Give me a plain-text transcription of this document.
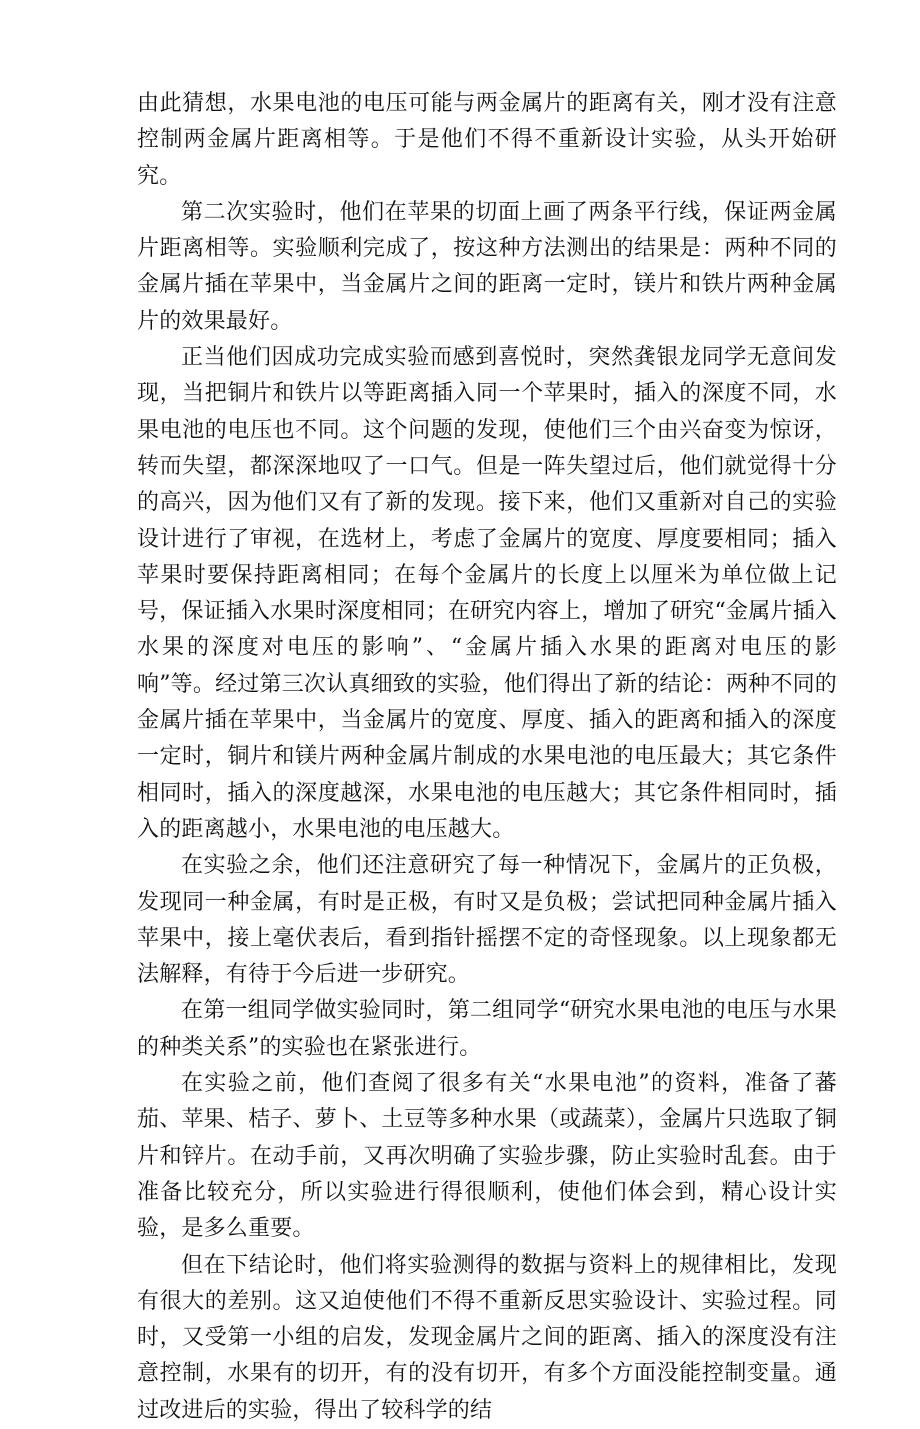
由此猜想，水果电池的电压可能与两金属片的距离有关，刚才没有注意控制两金属片距离相等。于是他们不得不重新设计实验，从头开始研究。

第二次实验时，他们在苹果的切面上画了两条平行线，保证两金属片距离相等。实验顺利完成了，按这种方法测出的结果是：两种不同的金属片插在苹果中，当金属片之间的距离一定时，镁片和铁片两种金属片的效果最好。

正当他们因成功完成实验而感到喜悦时，突然龚银龙同学无意间发现，当把铜片和铁片以等距离插入同一个苹果时，插入的深度不同，水果电池的电压也不同。这个问题的发现，使他们三个由兴奋变为惊讶，转而失望，都深深地叹了一口气。但是一阵失望过后，他们就觉得十分的高兴，因为他们又有了新的发现。接下来，他们又重新对自己的实验设计进行了审视，在选材上，考虑了金属片的宽度、厚度要相同；插入苹果时要保持距离相同；在每个金属片的长度上以厘米为单位做上记号，保证插入水果时深度相同；在研究内容上，增加了研究“金属片插入水果的深度对电压的影响”、“金属片插入水果的距离对电压的影响”等。经过第三次认真细致的实验，他们得出了新的结论：两种不同的金属片插在苹果中，当金属片的宽度、厚度、插入的距离和插入的深度一定时，铜片和镁片两种金属片制成的水果电池的电压最大；其它条件相同时，插入的深度越深，水果电池的电压越大；其它条件相同时，插入的距离越小，水果电池的电压越大。

在实验之余，他们还注意研究了每一种情况下，金属片的正负极，发现同一种金属，有时是正极，有时又是负极；尝试把同种金属片插入苹果中，接上毫伏表后，看到指针摇摆不定的奇怪现象。以上现象都无法解释，有待于今后进一步研究。

在第一组同学做实验同时，第二组同学“研究水果电池的电压与水果的种类关系”的实验也在紧张进行。

在实验之前，他们查阅了很多有关“水果电池”的资料，准备了蕃茄、苹果、桔子、萝卜、土豆等多种水果（或蔬菜），金属片只选取了铜片和锌片。在动手前，又再次明确了实验步骤，防止实验时乱套。由于准备比较充分，所以实验进行得很顺利，使他们体会到，精心设计实验，是多么重要。

但在下结论时，他们将实验测得的数据与资料上的规律相比，发现有很大的差别。这又迫使他们不得不重新反思实验设计、实验过程。同时，又受第一小组的启发，发现金属片之间的距离、插入的深度没有注意控制，水果有的切开，有的没有切开，有多个方面没能控制变量。通过改进后的实验，得出了较科学的结
